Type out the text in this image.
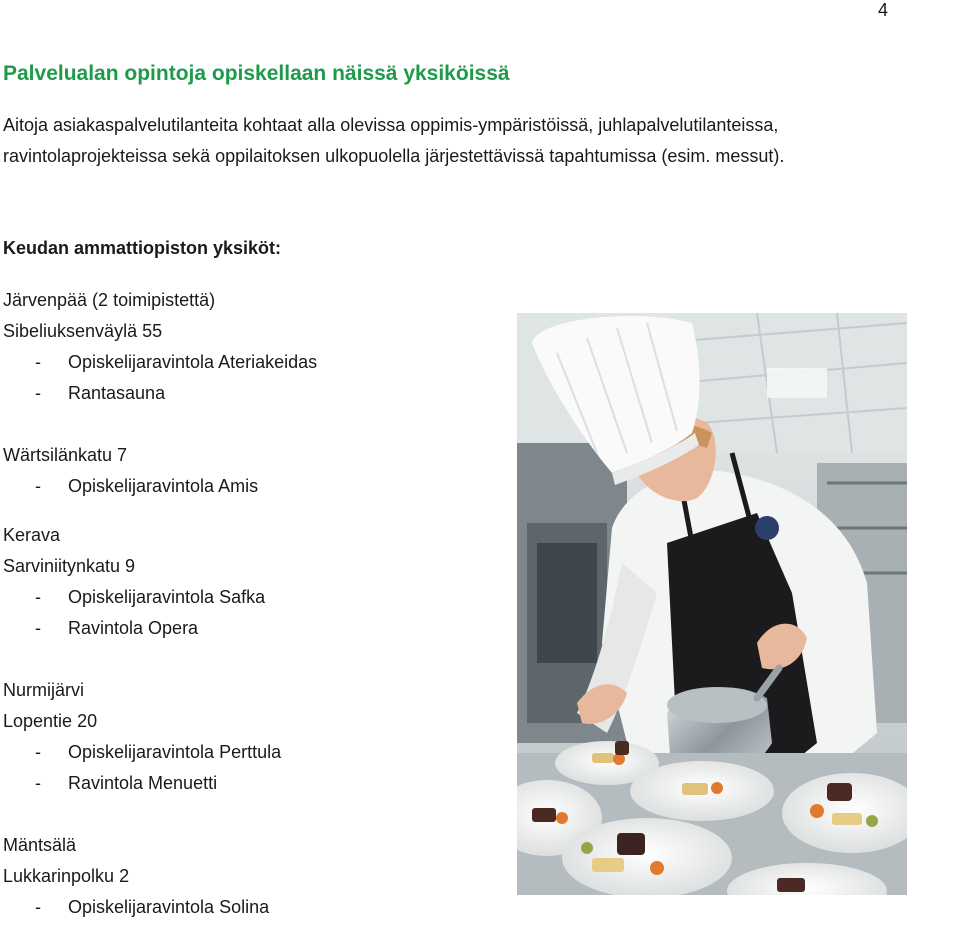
4
Palvelualan opintoja opiskellaan näissä yksiköissä
Aitoja asiakaspalvelutilanteita kohtaat alla olevissa oppimis-ympäristöissä, juhlapalvelutilanteissa,
ravintolaprojekteissa sekä oppilaitoksen ulkopuolella järjestettävissä tapahtumissa (esim. messut).
Keudan ammattiopiston yksiköt:
Järvenpää (2 toimipistettä)
Sibeliuksenväylä 55
- Opiskelijaravintola Ateriakeidas
- Rantasauna
Wärtsilänkatu 7
- Opiskelijaravintola Amis
Kerava
Sarviniitynkatu 9
- Opiskelijaravintola Safka
- Ravintola Opera
Nurmijärvi
Lopentie 20
- Opiskelijaravintola Perttula
- Ravintola Menuetti
Mäntsälä
Lukkarinpolku 2
- Opiskelijaravintola Solina
